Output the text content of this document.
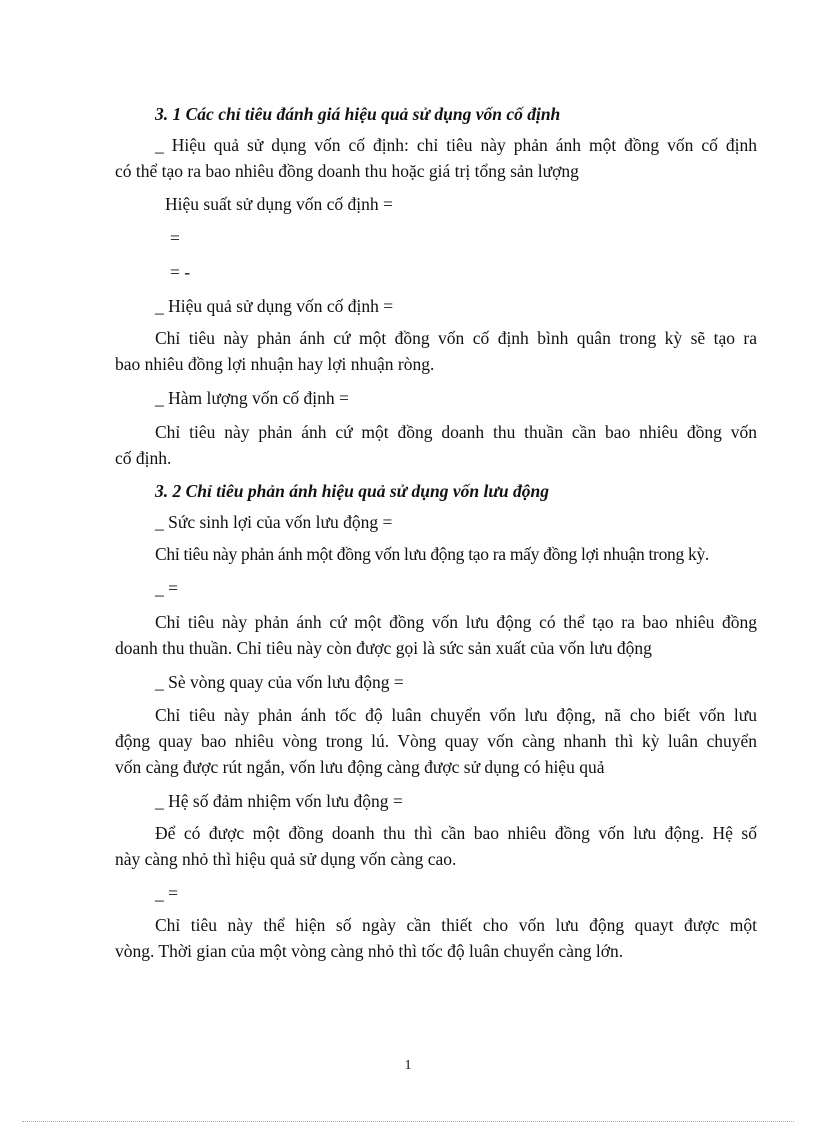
3. 1 Các chỉ tiêu đánh giá hiệu quả sử dụng vốn cố định
_ Hiệu quả sử dụng vốn cố định: chỉ tiêu này phản ánh một đồng vốn cố định
có thể tạo ra bao nhiêu đồng doanh thu hoặc giá trị tổng sản lượng
Hiệu suất sử dụng vốn cố định =
=
= -
_ Hiệu quả sử dụng vốn cố định =
Chỉ tiêu này phản ánh cứ một đồng vốn cố định bình quân trong kỳ sẽ tạo ra
bao nhiêu đồng lợi nhuận hay lợi nhuận ròng.
_ Hàm lượng vốn cố định =
Chỉ tiêu này phản ánh cứ một đồng doanh thu thuần cần bao nhiêu đồng vốn
cố định.
3. 2 Chỉ tiêu phản ánh hiệu quả sử dụng vốn lưu động
_ Sức sinh lợi của vốn lưu động =
Chỉ tiêu này phản ánh một đồng vốn lưu động tạo ra mấy đồng lợi nhuận trong kỳ.
_ =
Chỉ tiêu này phản ánh cứ một đồng vốn lưu động có thể tạo ra bao nhiêu đồng
doanh thu thuần. Chỉ tiêu này còn được gọi là sức sản xuất của vốn lưu động
_ Sè vòng quay của vốn lưu động =
Chỉ tiêu này phản ánh tốc độ luân chuyển vốn lưu động, nã cho biết vốn lưu
động quay bao nhiêu vòng trong lú. Vòng quay vốn càng nhanh thì kỳ luân chuyển
vốn càng được rút ngắn, vốn lưu động càng được sử dụng có hiệu quả
_ Hệ số đảm nhiệm vốn lưu động =
Để có được một đồng doanh thu thì cần bao nhiêu đồng vốn lưu động. Hệ số
này càng nhỏ thì hiệu quả sử dụng vốn càng cao.
_ =
Chỉ tiêu này thể hiện số ngày cần thiết cho vốn lưu động quayt được một
vòng. Thời gian của một vòng càng nhỏ thì tốc độ luân chuyển càng lớn.
1
